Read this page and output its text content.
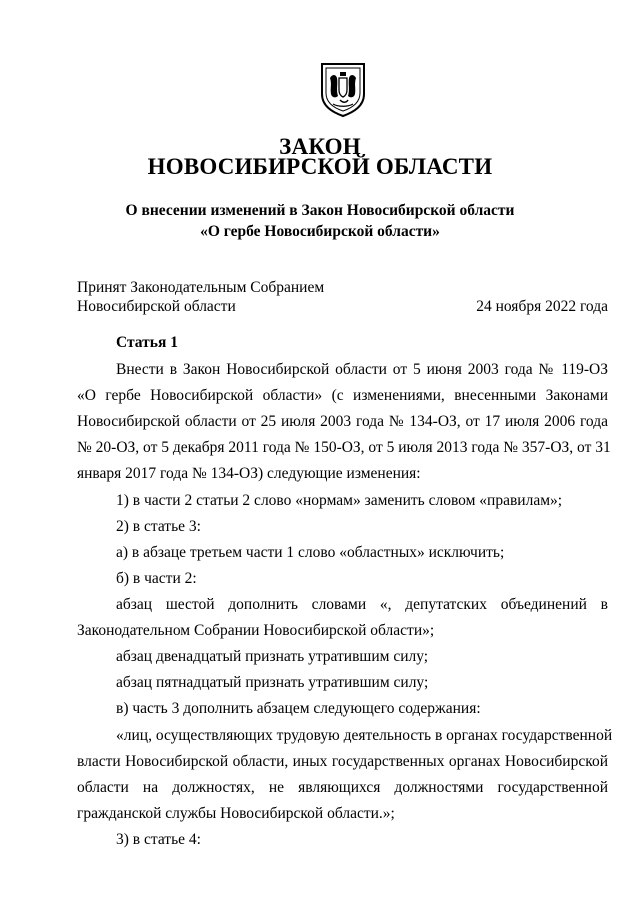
ЗАКОН
НОВОСИБИРСКОЙ ОБЛАСТИ
О внесении изменений в Закон Новосибирской области
«О гербе Новосибирской области»
Принят Законодательным Собранием
Новосибирской области	24 ноября 2022 года
Статья 1
Внести в Закон Новосибирской области от 5 июня 2003 года № 119-ОЗ
«О гербе Новосибирской области» (с изменениями, внесенными Законами
Новосибирской области от 25 июля 2003 года № 134-ОЗ, от 17 июля 2006 года
№ 20-ОЗ, от 5 декабря 2011 года № 150-ОЗ, от 5 июля 2013 года № 357-ОЗ, от 31
января 2017 года № 134-ОЗ) следующие изменения:
1) в части 2 статьи 2 слово «нормам» заменить словом «правилам»;
2) в статье 3:
а) в абзаце третьем части 1 слово «областных» исключить;
б) в части 2:
абзац шестой дополнить словами «, депутатских объединений в
Законодательном Собрании Новосибирской области»;
абзац двенадцатый признать утратившим силу;
абзац пятнадцатый признать утратившим силу;
в) часть 3 дополнить абзацем следующего содержания:
«лиц, осуществляющих трудовую деятельность в органах государственной
власти Новосибирской области, иных государственных органах Новосибирской
области на должностях, не являющихся должностями государственной
гражданской службы Новосибирской области.»;
3) в статье 4:
